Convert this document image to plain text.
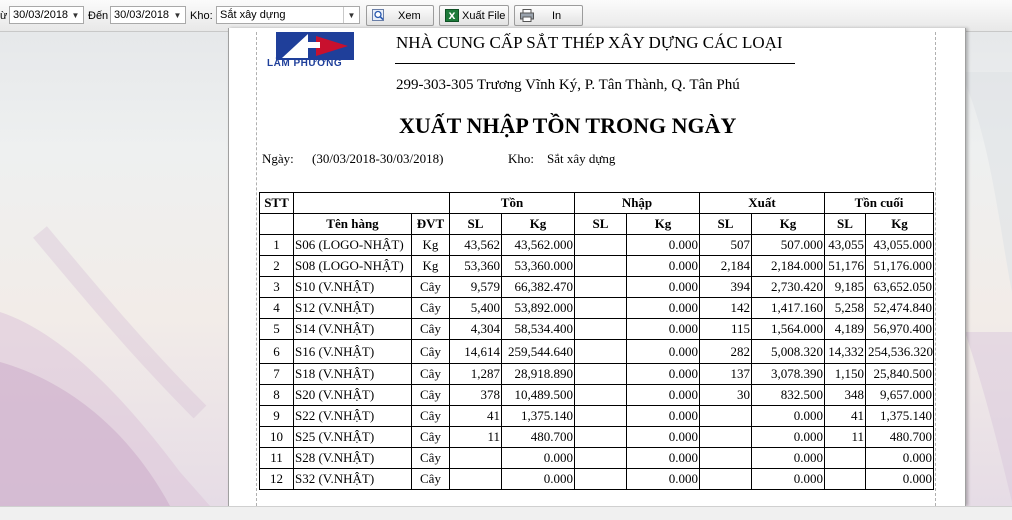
ừ 30/03/2018 ▼ Đến 30/03/2018 ▼ Kho: Sắt xây dựng	▼	Xem	X Xuất File	In
LÂM PHƯƠNG
NHÀ CUNG CẤP SẮT THÉP XÂY DỰNG CÁC LOẠI
299-303-305 Trương Vĩnh Ký, P. Tân Thành, Q. Tân Phú
XUẤT NHẬP TỒN TRONG NGÀY
Ngày: (30/03/2018-30/03/2018)	Kho: Sắt xây dựng
STT			Tồn		Nhập		Xuất		Tồn cuối	
	Tên hàng	ĐVT	SL	Kg	SL	Kg	SL	Kg	SL	Kg
1	S06 (LOGO-NHẬT)	Kg	43,562	43,562.000		0.000	507	507.000	43,055	43,055.000
2	S08 (LOGO-NHẬT)	Kg	53,360	53,360.000		0.000	2,184	2,184.000	51,176	51,176.000
3	S10 (V.NHẬT)	Cây	9,579	66,382.470		0.000	394	2,730.420	9,185	63,652.050
4	S12 (V.NHẬT)	Cây	5,400	53,892.000		0.000	142	1,417.160	5,258	52,474.840
5	S14 (V.NHẬT)	Cây	4,304	58,534.400		0.000	115	1,564.000	4,189	56,970.400
6	S16 (V.NHẬT)	Cây	14,614	259,544.640		0.000	282	5,008.320	14,332	254,536.320
7	S18 (V.NHẬT)	Cây	1,287	28,918.890		0.000	137	3,078.390	1,150	25,840.500
8	S20 (V.NHẬT)	Cây	378	10,489.500		0.000	30	832.500	348	9,657.000
9	S22 (V.NHẬT)	Cây	41	1,375.140		0.000		0.000	41	1,375.140
10	S25 (V.NHẬT)	Cây	11	480.700		0.000		0.000	11	480.700
11	S28 (V.NHẬT)	Cây		0.000		0.000		0.000		0.000
12	S32 (V.NHẬT)	Cây		0.000		0.000		0.000		0.000
